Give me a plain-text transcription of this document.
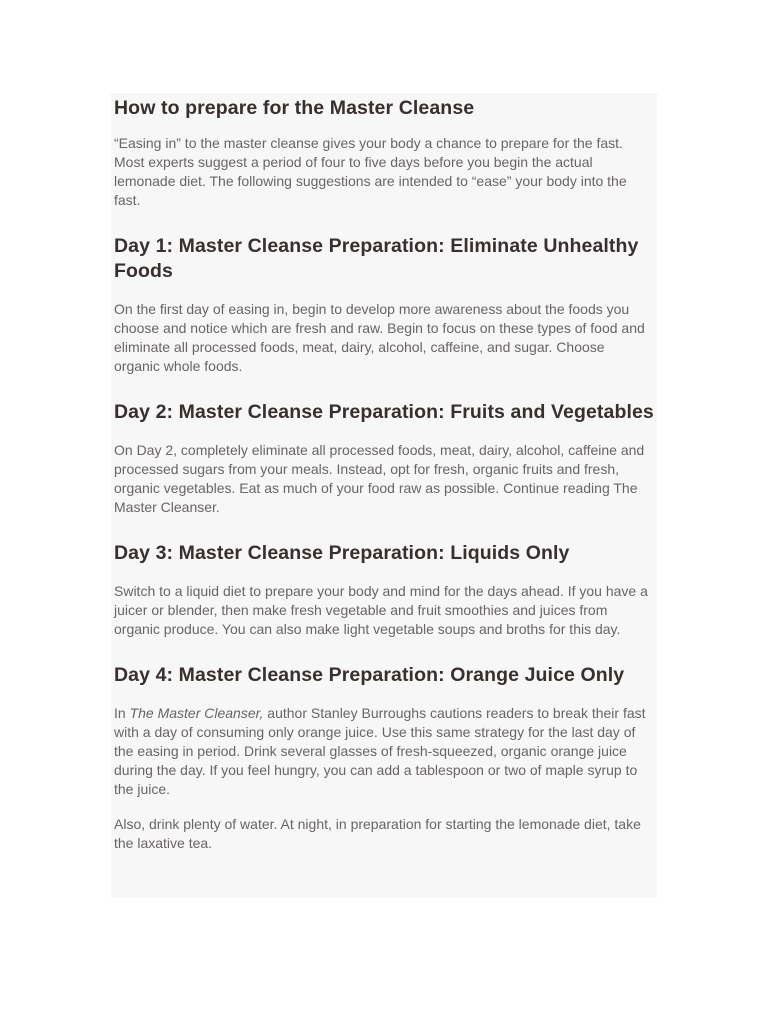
How to prepare for the Master Cleanse

“Easing in” to the master cleanse gives your body a chance to prepare for the fast. Most experts suggest a period of four to five days before you begin the actual lemonade diet. The following suggestions are intended to “ease” your body into the fast.

Day 1: Master Cleanse Preparation: Eliminate Unhealthy Foods

On the first day of easing in, begin to develop more awareness about the foods you choose and notice which are fresh and raw. Begin to focus on these types of food and eliminate all processed foods, meat, dairy, alcohol, caffeine, and sugar. Choose organic whole foods.

Day 2: Master Cleanse Preparation: Fruits and Vegetables

On Day 2, completely eliminate all processed foods, meat, dairy, alcohol, caffeine and processed sugars from your meals. Instead, opt for fresh, organic fruits and fresh, organic vegetables. Eat as much of your food raw as possible. Continue reading The Master Cleanser.

Day 3: Master Cleanse Preparation: Liquids Only

Switch to a liquid diet to prepare your body and mind for the days ahead. If you have a juicer or blender, then make fresh vegetable and fruit smoothies and juices from organic produce. You can also make light vegetable soups and broths for this day.

Day 4: Master Cleanse Preparation: Orange Juice Only

In The Master Cleanser, author Stanley Burroughs cautions readers to break their fast with a day of consuming only orange juice. Use this same strategy for the last day of the easing in period. Drink several glasses of fresh-squeezed, organic orange juice during the day. If you feel hungry, you can add a tablespoon or two of maple syrup to the juice.

Also, drink plenty of water. At night, in preparation for starting the lemonade diet, take the laxative tea.
